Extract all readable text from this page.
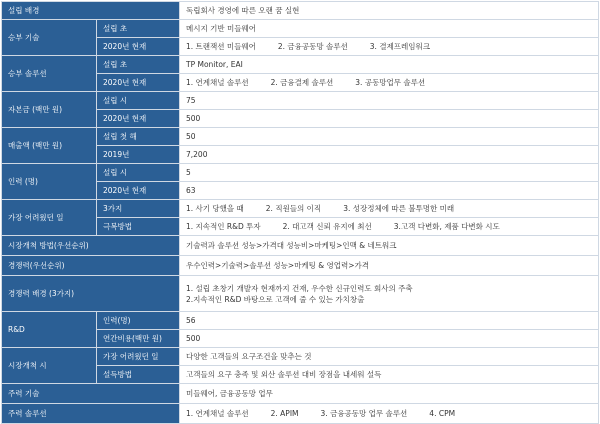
설립 배경		독립회사 경영에 따른 오랜 꿈 실현
승부 기술	설립 초	메시지 기반 미들웨어
	2020년 현재	1. 트랜잭션 미들웨어 2. 금융공동망 솔루션 3. 결제프레임워크
승부 솔루션	설립 초	TP Monitor, EAI
	2020년 현재	1. 연계채널 솔루션 2. 금융결제 솔루션 3. 공동망업무 솔루션
자본금 (백만 원)	설립 시	75
	2020년 현재	500
매출액 (백만 원)	설립 첫 해	50
	2019년	7,200
인력 (명)	설립 시	5
	2020년 현재	63
가장 어려웠던 일	3가지	1. 사기 당했을 때 2. 직원들의 이직 3. 성장정체에 따른 불투명한 미래
	극복방법	1. 지속적인 R&D 투자 2. 대고객 신뢰 유지에 최선 3.고객 다변화, 제품 다변화 시도
시장개척 방법(우선순위)		기술력과 솔루션 성능>가격대 성능비>마케팅>인맥 & 네트워크
경쟁력(우선순위)		우수인력>기술력>솔루션 성능>마케팅 & 영업력>가격
경쟁력 배경 (3가지)		1. 설립 초창기 개발자 현재까지 건재, 우수한 신규인력도 회사의 주축
2.지속적인 R&D 바탕으로 고객에 줄 수 있는 가치창출

R&D	인력(명)	56
	연간비용(백만 원)	500
시장개척 시	가장 어려웠던 일	다양한 고객들의 요구조건을 맞추는 것
	설득방법	고객들의 요구 충족 및 외산 솔루션 대비 장점을 내세워 설득
주력 기술		미들웨어, 금융공동망 업무
주력 솔루션		1. 연계채널 솔루션 2. APIM 3. 금융공동망 업무 솔루션 4. CPM
